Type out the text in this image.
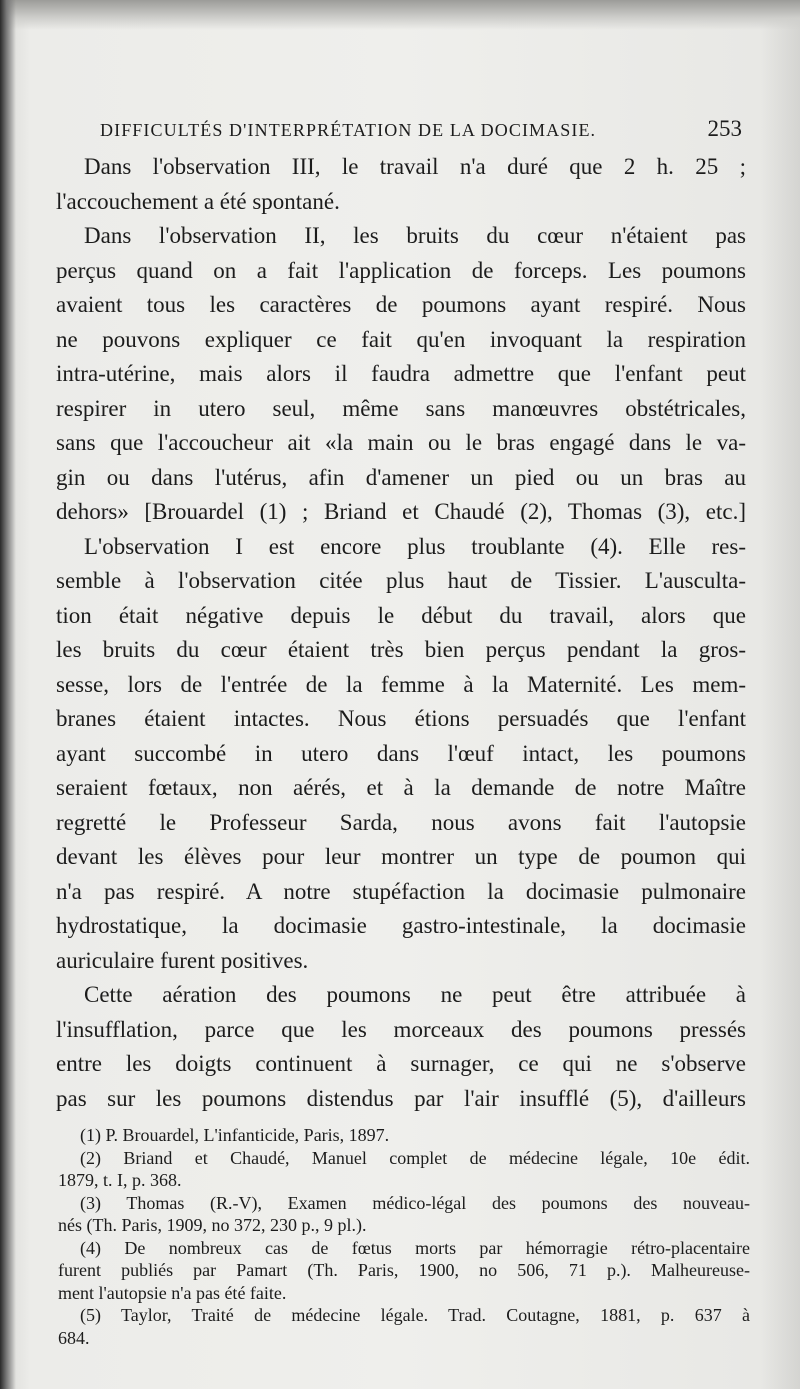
DIFFICULTÉS D'INTERPRÉTATION DE LA DOCIMASIE.	253
Dans l'observation III, le travail n'a duré que 2 h. 25 ;
l'accouchement a été spontané.
Dans l'observation II, les bruits du cœur n'étaient pas
perçus quand on a fait l'application de forceps. Les poumons
avaient tous les caractères de poumons ayant respiré. Nous
ne pouvons expliquer ce fait qu'en invoquant la respiration
intra-utérine, mais alors il faudra admettre que l'enfant peut
respirer in utero seul, même sans manœuvres obstétricales,
sans que l'accoucheur ait «la main ou le bras engagé dans le va-
gin ou dans l'utérus, afin d'amener un pied ou un bras au
dehors» [Brouardel (1) ; Briand et Chaudé (2), Thomas (3), etc.]
L'observation I est encore plus troublante (4). Elle res-
semble à l'observation citée plus haut de Tissier. L'ausculta-
tion était négative depuis le début du travail, alors que
les bruits du cœur étaient très bien perçus pendant la gros-
sesse, lors de l'entrée de la femme à la Maternité. Les mem-
branes étaient intactes. Nous étions persuadés que l'enfant
ayant succombé in utero dans l'œuf intact, les poumons
seraient fœtaux, non aérés, et à la demande de notre Maître
regretté le Professeur Sarda, nous avons fait l'autopsie
devant les élèves pour leur montrer un type de poumon qui
n'a pas respiré. A notre stupéfaction la docimasie pulmonaire
hydrostatique, la docimasie gastro-intestinale, la docimasie
auriculaire furent positives.
Cette aération des poumons ne peut être attribuée à
l'insufflation, parce que les morceaux des poumons pressés
entre les doigts continuent à surnager, ce qui ne s'observe
pas sur les poumons distendus par l'air insufflé (5), d'ailleurs
(1) P. Brouardel, L'infanticide, Paris, 1897.
(2) Briand et Chaudé, Manuel complet de médecine légale, 10e édit.
1879, t. I, p. 368.
(3) Thomas (R.-V), Examen médico-légal des poumons des nouveau-
nés (Th. Paris, 1909, no 372, 230 p., 9 pl.).
(4) De nombreux cas de fœtus morts par hémorragie rétro-placentaire
furent publiés par Pamart (Th. Paris, 1900, no 506, 71 p.). Malheureuse-
ment l'autopsie n'a pas été faite.
(5) Taylor, Traité de médecine légale. Trad. Coutagne, 1881, p. 637 à
684.
